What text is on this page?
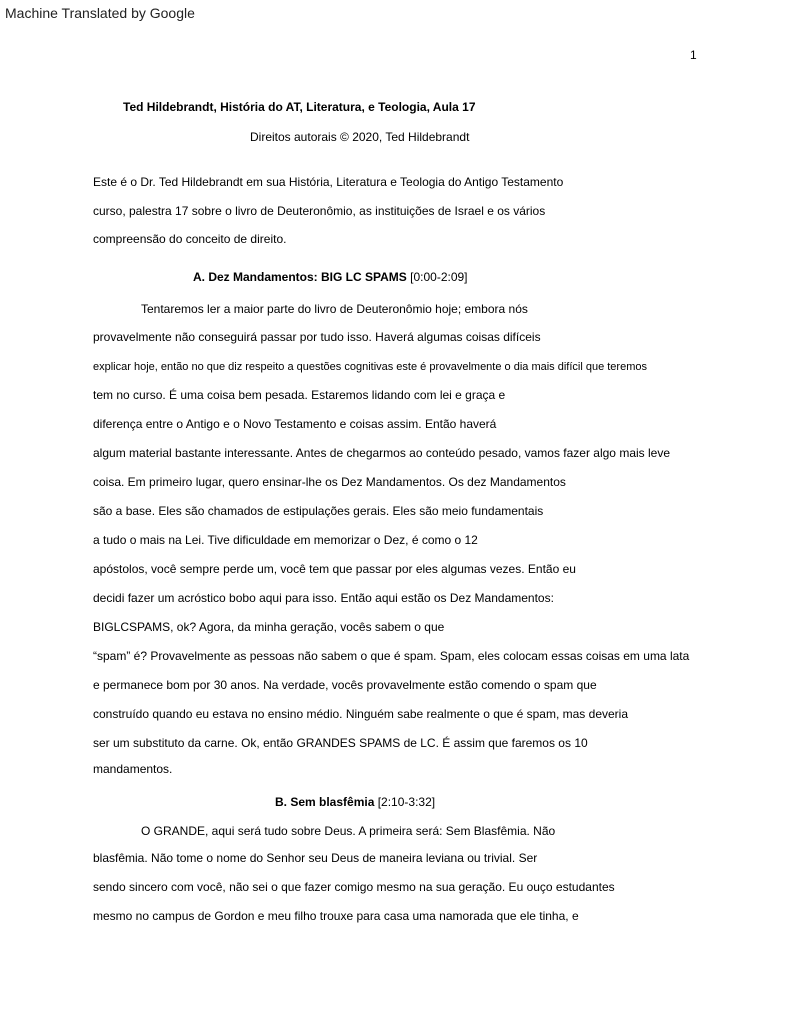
Machine Translated by Google
1
Ted Hildebrandt, História do AT, Literatura, e Teologia, Aula 17
Direitos autorais © 2020, Ted Hildebrandt
Este é o Dr. Ted Hildebrandt em sua História, Literatura e Teologia do Antigo Testamento
curso, palestra 17 sobre o livro de Deuteronômio, as instituições de Israel e os vários
compreensão do conceito de direito.
A. Dez Mandamentos: BIG LC SPAMS [0:00-2:09]
Tentaremos ler a maior parte do livro de Deuteronômio hoje; embora nós
provavelmente não conseguirá passar por tudo isso. Haverá algumas coisas difíceis
explicar hoje, então no que diz respeito a questões cognitivas este é provavelmente o dia mais difícil que teremos
tem no curso. É uma coisa bem pesada. Estaremos lidando com lei e graça e
diferença entre o Antigo e o Novo Testamento e coisas assim. Então haverá
algum material bastante interessante. Antes de chegarmos ao conteúdo pesado, vamos fazer algo mais leve
coisa. Em primeiro lugar, quero ensinar-lhe os Dez Mandamentos. Os dez Mandamentos
são a base. Eles são chamados de estipulações gerais. Eles são meio fundamentais
a tudo o mais na Lei. Tive dificuldade em memorizar o Dez, é como o 12
apóstolos, você sempre perde um, você tem que passar por eles algumas vezes. Então eu
decidi fazer um acróstico bobo aqui para isso. Então aqui estão os Dez Mandamentos:
BIGLCSPAMS, ok? Agora, da minha geração, vocês sabem o que
“spam” é? Provavelmente as pessoas não sabem o que é spam. Spam, eles colocam essas coisas em uma lata
e permanece bom por 30 anos. Na verdade, vocês provavelmente estão comendo o spam que
construído quando eu estava no ensino médio. Ninguém sabe realmente o que é spam, mas deveria
ser um substituto da carne. Ok, então GRANDES SPAMS de LC. É assim que faremos os 10
mandamentos.
B. Sem blasfêmia [2:10-3:32]
O GRANDE, aqui será tudo sobre Deus. A primeira será: Sem Blasfêmia. Não
blasfêmia. Não tome o nome do Senhor seu Deus de maneira leviana ou trivial. Ser
sendo sincero com você, não sei o que fazer comigo mesmo na sua geração. Eu ouço estudantes
mesmo no campus de Gordon e meu filho trouxe para casa uma namorada que ele tinha, e
